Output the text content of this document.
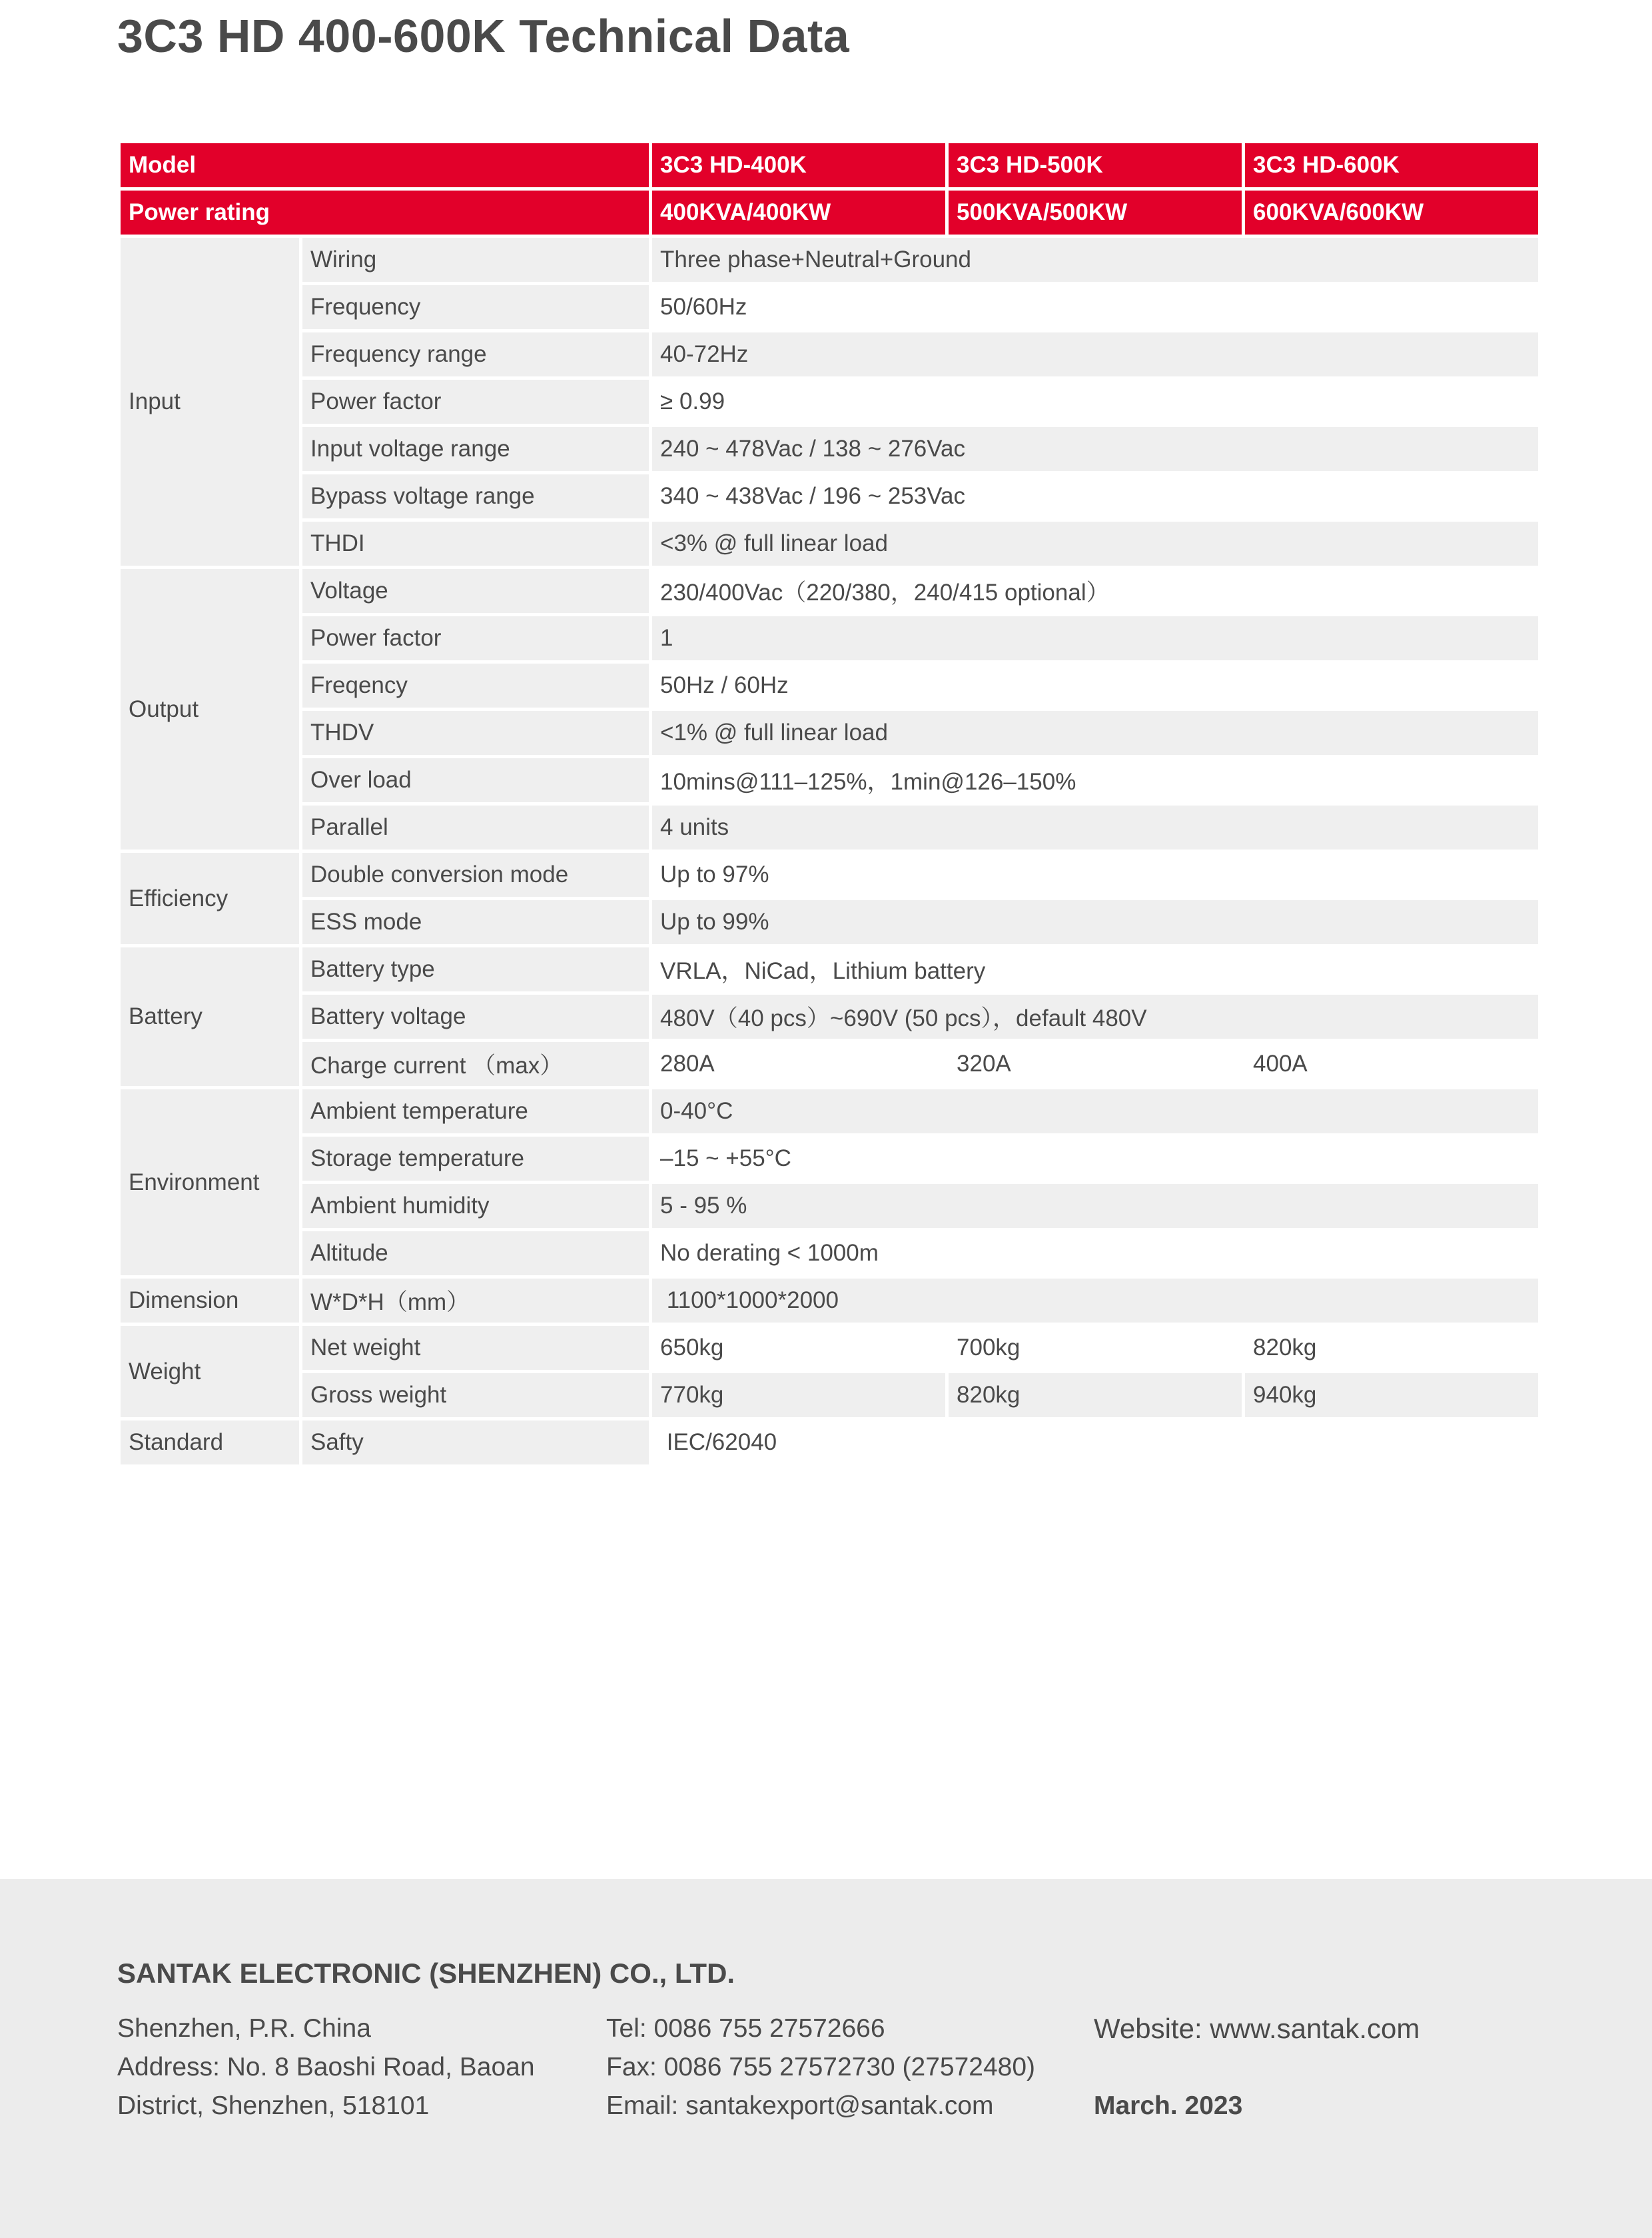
3C3 HD 400-600K Technical Data
Model		3C3 HD-400K	3C3 HD-500K	3C3 HD-600K
Power rating		400KVA/400KW	500KVA/500KW	600KVA/600KW
Input	Wiring	Three phase+Neutral+Ground		
	Frequency	50/60Hz		
	Frequency range	40-72Hz		
	Power factor	≥ 0.99		
	Input voltage range	240 ~ 478Vac / 138 ~ 276Vac		
	Bypass voltage range	340 ~ 438Vac / 196 ~ 253Vac		
	THDI	<3% @ full linear load		
Output	Voltage	230/400Vac（220/380，240/415 optional）		
	Power factor	1		
	Freqency	50Hz / 60Hz		
	THDV	<1% @ full linear load		
	Over load	10mins@111–125%，1min@126–150%		
	Parallel	4 units		
Efficiency	Double conversion mode	Up to 97%		
	ESS mode	Up to 99%		
Battery	Battery type	VRLA，NiCad，Lithium battery		
	Battery voltage	480V（40 pcs）~690V (50 pcs），default 480V		
	Charge current （max）	280A	320A	400A
Environment	Ambient temperature	0-40°C		
	Storage temperature	–15 ~ +55°C		
	Ambient humidity	5 - 95 %		
	Altitude	No derating < 1000m		
Dimension	W*D*H（mm）	1100*1000*2000		
Weight	Net weight	650kg	700kg	820kg
	Gross weight	770kg	820kg	940kg
Standard	Safty	IEC/62040		
SANTAK ELECTRONIC (SHENZHEN) CO., LTD.
Shenzhen, P.R. China
Address: No. 8 Baoshi Road, Baoan
District, Shenzhen, 518101
Tel: 0086 755 27572666
Fax: 0086 755 27572730 (27572480)
Email: santakexport@santak.com
Website: www.santak.com
March. 2023
